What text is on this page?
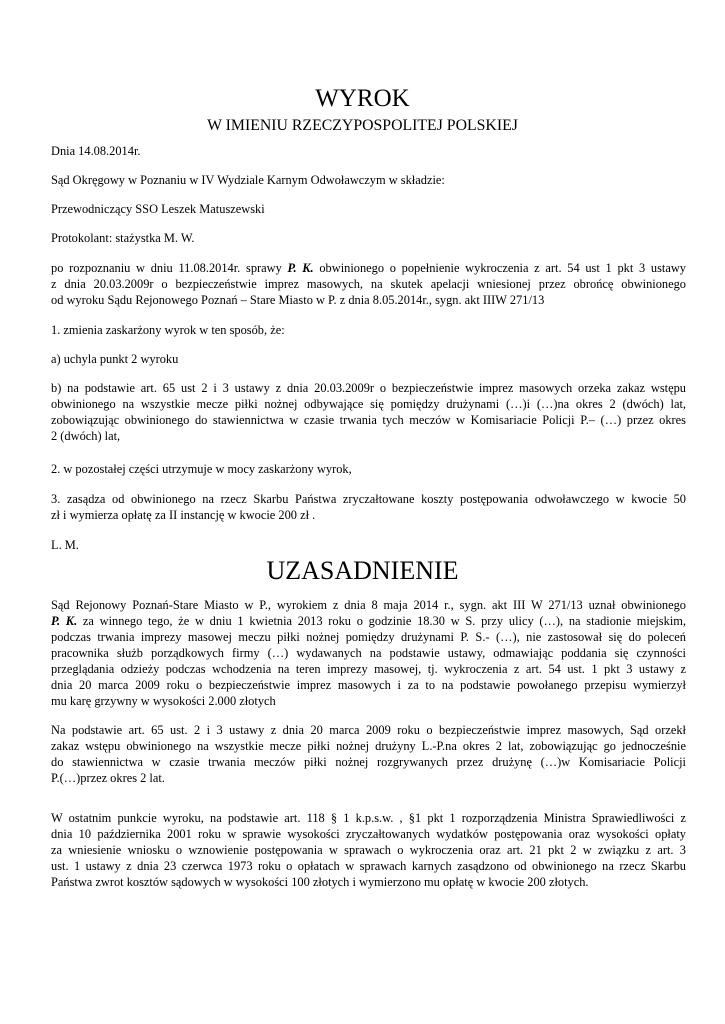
WYROK
W IMIENIU RZECZYPOSPOLITEJ POLSKIEJ
Dnia 14.08.2014r.
Sąd Okręgowy w Poznaniu w IV Wydziale Karnym Odwoławczym w składzie:
Przewodniczący SSO Leszek Matuszewski
Protokolant: stażystka M. W.
po rozpoznaniu w dniu 11.08.2014r. sprawy P. K. obwinionego o popełnienie wykroczenia z art. 54 ust 1 pkt 3 ustawy
z dnia 20.03.2009r o bezpieczeństwie imprez masowych, na skutek apelacji wniesionej przez obrońcę obwinionego
od wyroku Sądu Rejonowego Poznań – Stare Miasto w P. z dnia 8.05.2014r., sygn. akt IIIW 271/13
1. zmienia zaskarżony wyrok w ten sposób, że:
a) uchyla punkt 2 wyroku
b) na podstawie art. 65 ust 2 i 3 ustawy z dnia 20.03.2009r o bezpieczeństwie imprez masowych orzeka zakaz wstępu
obwinionego na wszystkie mecze piłki nożnej odbywające się pomiędzy drużynami (…)i (…)na okres 2 (dwóch) lat,
zobowiązując obwinionego do stawiennictwa w czasie trwania tych meczów w Komisariacie Policji P.– (…) przez okres
2 (dwóch) lat,
2. w pozostałej części utrzymuje w mocy zaskarżony wyrok,
3. zasądza od obwinionego na rzecz Skarbu Państwa zryczałtowane koszty postępowania odwoławczego w kwocie 50
zł i wymierza opłatę za II instancję w kwocie 200 zł .
L. M.
UZASADNIENIE
Sąd Rejonowy Poznań-Stare Miasto w P., wyrokiem z dnia 8 maja 2014 r., sygn. akt III W 271/13 uznał obwinionego
P. K. za winnego tego, że w dniu 1 kwietnia 2013 roku o godzinie 18.30 w S. przy ulicy (…), na stadionie miejskim,
podczas trwania imprezy masowej meczu piłki nożnej pomiędzy drużynami P. S.- (…), nie zastosował się do poleceń
pracownika służb porządkowych firmy (…) wydawanych na podstawie ustawy, odmawiając poddania się czynności
przeglądania odzieży podczas wchodzenia na teren imprezy masowej, tj. wykroczenia z art. 54 ust. 1 pkt 3 ustawy z
dnia 20 marca 2009 roku o bezpieczeństwie imprez masowych i za to na podstawie powołanego przepisu wymierzył
mu karę grzywny w wysokości 2.000 złotych
Na podstawie art. 65 ust. 2 i 3 ustawy z dnia 20 marca 2009 roku o bezpieczeństwie imprez masowych, Sąd orzekł
zakaz wstępu obwinionego na wszystkie mecze piłki nożnej drużyny L.-P.na okres 2 lat, zobowiązując go jednocześnie
do stawiennictwa w czasie trwania meczów piłki nożnej rozgrywanych przez drużynę (…)w Komisariacie Policji
P.(…)przez okres 2 lat.
W ostatnim punkcie wyroku, na podstawie art. 118 § 1 k.p.s.w. , §1 pkt 1 rozporządzenia Ministra Sprawiedliwości z
dnia 10 października 2001 roku w sprawie wysokości zryczałtowanych wydatków postępowania oraz wysokości opłaty
za wniesienie wniosku o wznowienie postępowania w sprawach o wykroczenia oraz art. 21 pkt 2 w związku z art. 3
ust. 1 ustawy z dnia 23 czerwca 1973 roku o opłatach w sprawach karnych zasądzono od obwinionego na rzecz Skarbu
Państwa zwrot kosztów sądowych w wysokości 100 złotych i wymierzono mu opłatę w kwocie 200 złotych.
